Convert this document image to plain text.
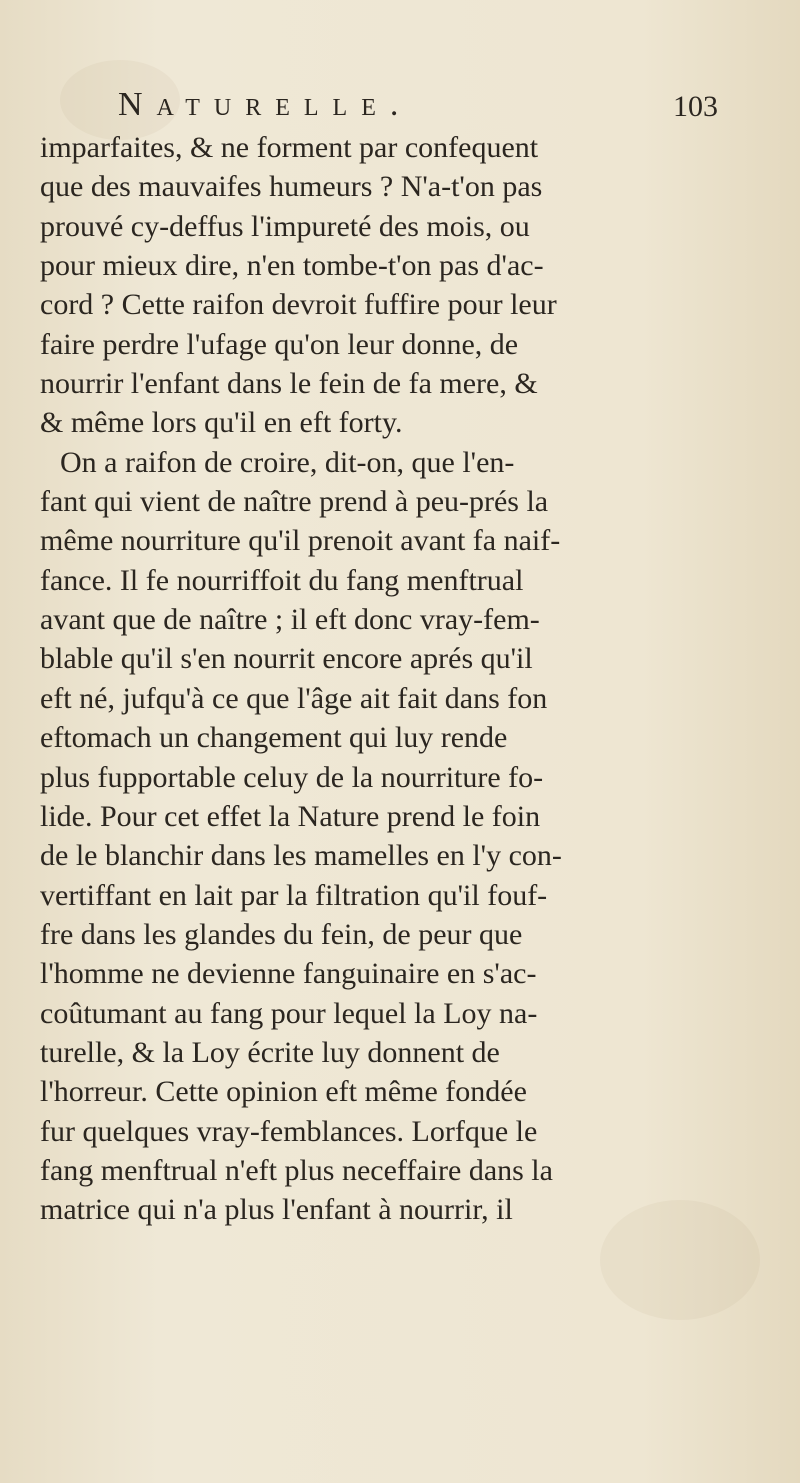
Naturelle.	103
imparfaites, & ne forment par confequent
que des mauvaifes humeurs ? N'a-t'on pas
prouvé cy-deffus l'impureté des mois, ou
pour mieux dire, n'en tombe-t'on pas d'ac-
cord ? Cette raifon devroit fuffire pour leur
faire perdre l'ufage qu'on leur donne, de
nourrir l'enfant dans le fein de fa mere, &
& même lors qu'il en eft forty.
On a raifon de croire, dit-on, que l'en-
fant qui vient de naître prend à peu-prés la
même nourriture qu'il prenoit avant fa naif-
fance. Il fe nourriffoit du fang menftrual
avant que de naître ; il eft donc vray-fem-
blable qu'il s'en nourrit encore aprés qu'il
eft né, jufqu'à ce que l'âge ait fait dans fon
eftomach un changement qui luy rende
plus fupportable celuy de la nourriture fo-
lide. Pour cet effet la Nature prend le foin
de le blanchir dans les mamelles en l'y con-
vertiffant en lait par la filtration qu'il fouf-
fre dans les glandes du fein, de peur que
l'homme ne devienne fanguinaire en s'ac-
coûtumant au fang pour lequel la Loy na-
turelle, & la Loy écrite luy donnent de
l'horreur. Cette opinion eft même fondée
fur quelques vray-femblances. Lorfque le
fang menftrual n'eft plus neceffaire dans la
matrice qui n'a plus l'enfant à nourrir, il
